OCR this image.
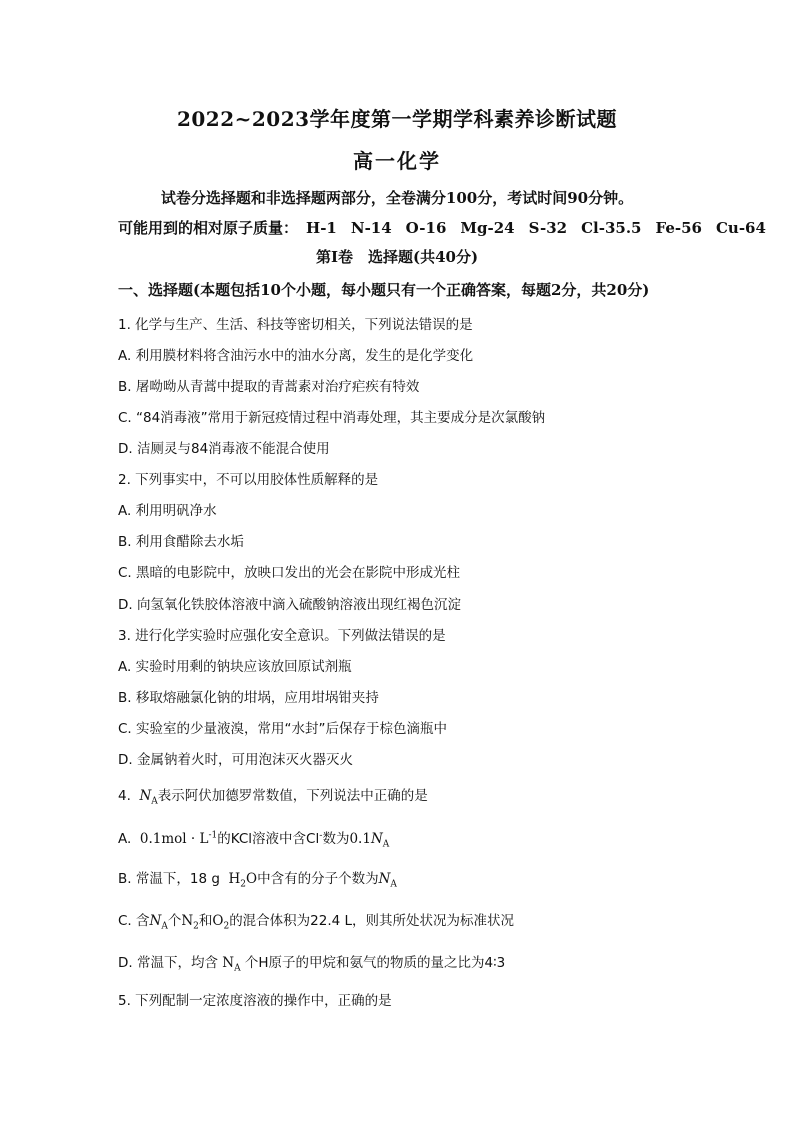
2022~2023学年度第一学期学科素养诊断试题
高一化学
试卷分选择题和非选择题两部分，全卷满分100分，考试时间90分钟。
可能用到的相对原子质量： H-1 N-14 O-16 Mg-24 S-32 Cl-35.5 Fe-56 Cu-64
第Ⅰ卷　选择题(共40分)
一、选择题(本题包括10个小题，每小题只有一个正确答案，每题2分，共20分)
1. 化学与生产、生活、科技等密切相关，下列说法错误的是
A. 利用膜材料将含油污水中的油水分离，发生的是化学变化
B. 屠呦呦从青蒿中提取的青蒿素对治疗疟疾有特效
C. “84消毒液”常用于新冠疫情过程中消毒处理，其主要成分是次氯酸钠
D. 洁厕灵与84消毒液不能混合使用
2. 下列事实中，不可以用胶体性质解释的是
A. 利用明矾净水
B. 利用食醋除去水垢
C. 黑暗的电影院中，放映口发出的光会在影院中形成光柱
D. 向氢氧化铁胶体溶液中滴入硫酸钠溶液出现红褐色沉淀
3. 进行化学实验时应强化安全意识。下列做法错误的是
A. 实验时用剩的钠块应该放回原试剂瓶
B. 移取熔融氯化钠的坩埚，应用坩埚钳夹持
C. 实验室的少量液溴，常用“水封”后保存于棕色滴瓶中
D. 金属钠着火时，可用泡沫灭火器灭火
4. $N_A$表示阿伏加德罗常数值，下列说法中正确的是
A. $0.1mol \cdot L^{-1}$的KCl溶液中含Cl-数为$0.1N_A$
B. 常温下，18 g $H_2O$中含有的分子个数为$N_A$
C. 含$N_A$个$N_2$和$O_2$的混合体积为22.4 L，则其所处状况为标准状况
D. 常温下，均含 $N_A$ 个H原子的甲烷和氨气的物质的量之比为4∶3
5. 下列配制一定浓度溶液的操作中，正确的是
